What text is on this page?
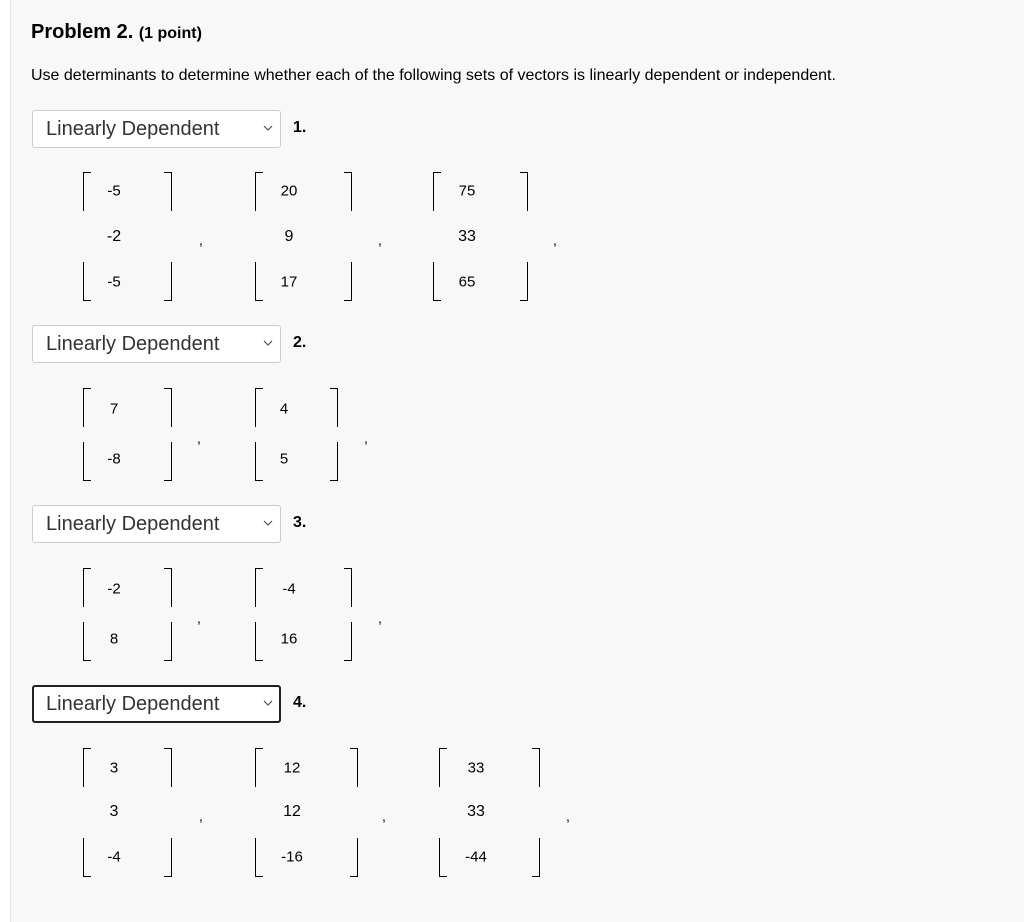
Problem 2. (1 point)
Use determinants to determine whether each of the following sets of vectors is linearly dependent or independent.
Linearly Dependent	1.
-5
-2
-5
,
20
9
17
,
75
33
65
,
Linearly Dependent	2.
7
-8
,
4
5
,
Linearly Dependent	3.
-2
8
,
-4
16
,
Linearly Dependent	4.
3
3
-4
,
12
12
-16
,
33
33
-44
,
